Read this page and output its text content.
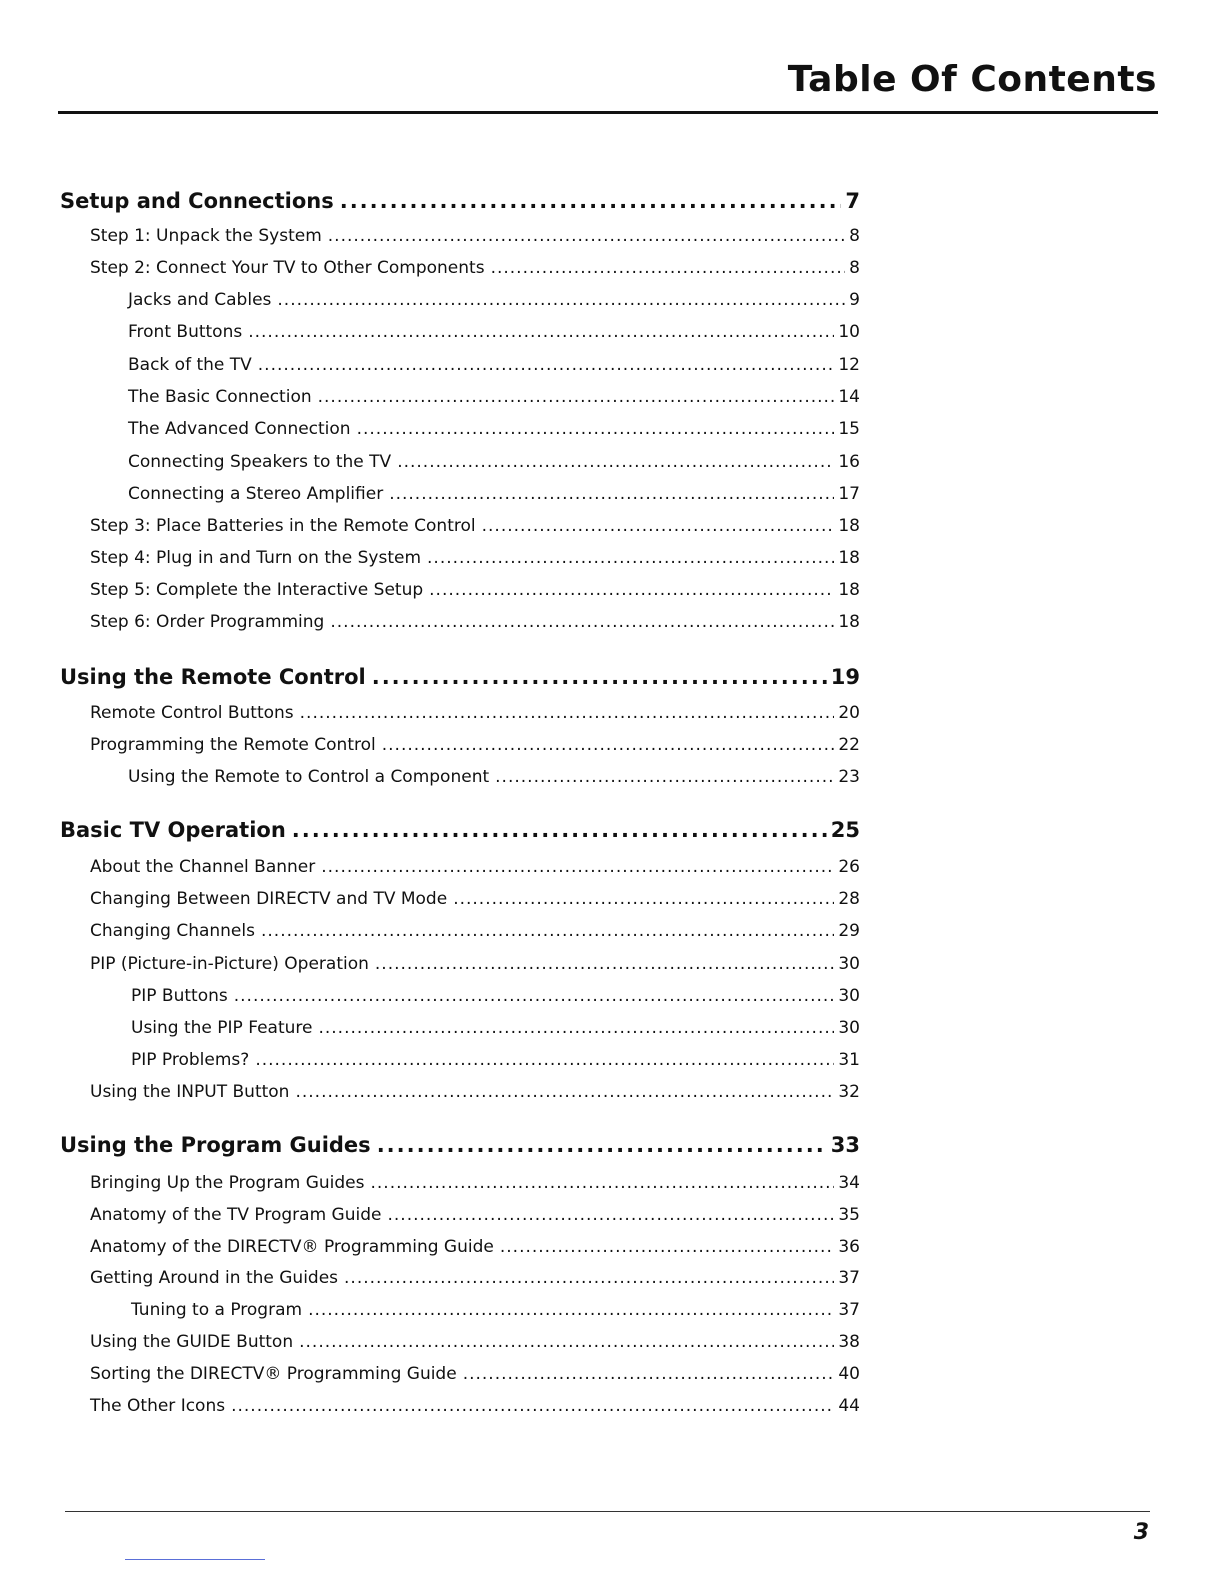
Table Of Contents
Setup and Connections .....	7
Step 1: Unpack the System .....	8
Step 2: Connect Your TV to Other Components .....	8
Jacks and Cables .....	9
Front Buttons .....	10
Back of the TV .....	12
The Basic Connection .....	14
The Advanced Connection .....	15
Connecting Speakers to the TV .....	16
Connecting a Stereo Amplifier .....	17
Step 3: Place Batteries in the Remote Control .....	18
Step 4: Plug in and Turn on the System .....	18
Step 5: Complete the Interactive Setup .....	18
Step 6: Order Programming .....	18
Using the Remote Control .....	19
Remote Control Buttons .....	20
Programming the Remote Control .....	22
Using the Remote to Control a Component .....	23
Basic TV Operation .....	25
About the Channel Banner .....	26
Changing Between DIRECTV and TV Mode .....	28
Changing Channels .....	29
PIP (Picture-in-Picture) Operation .....	30
PIP Buttons .....	30
Using the PIP Feature .....	30
PIP Problems? .....	31
Using the INPUT Button .....	32
Using the Program Guides .....	33
Bringing Up the Program Guides .....	34
Anatomy of the TV Program Guide .....	35
Anatomy of the DIRECTV® Programming Guide .....	36
Getting Around in the Guides .....	37
Tuning to a Program .....	37
Using the GUIDE Button .....	38
Sorting the DIRECTV® Programming Guide .....	40
The Other Icons .....	44
3
